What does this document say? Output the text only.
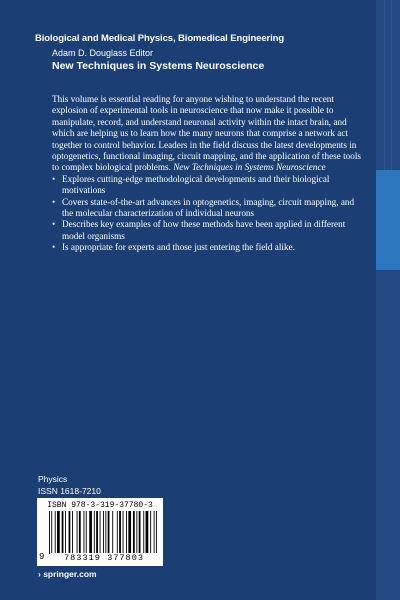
Biological and Medical Physics, Biomedical Engineering
Adam D. Douglass Editor
New Techniques in Systems Neuroscience

This volume is essential reading for anyone wishing to understand the recent explosion of experimental tools in neuroscience that now make it possible to manipulate, record, and understand neuronal activity within the intact brain, and which are helping us to learn how the many neurons that comprise a network act together to control behavior. Leaders in the field discuss the latest developments in optogenetics, functional imaging, circuit mapping, and the application of these tools to complex biological problems. New Techniques in Systems Neuroscience

• Explores cutting-edge methodological developments and their biological motivations
• Covers state-of-the-art advances in optogenetics, imaging, circuit mapping, and the molecular characterization of individual neurons
• Describes key examples of how these methods have been applied in different model organisms
• Is appropriate for experts and those just entering the field alike.
Physics
ISSN 1618-7210
ISBN 978-3-319-37780-3
9	783319 377803
› springer.com
